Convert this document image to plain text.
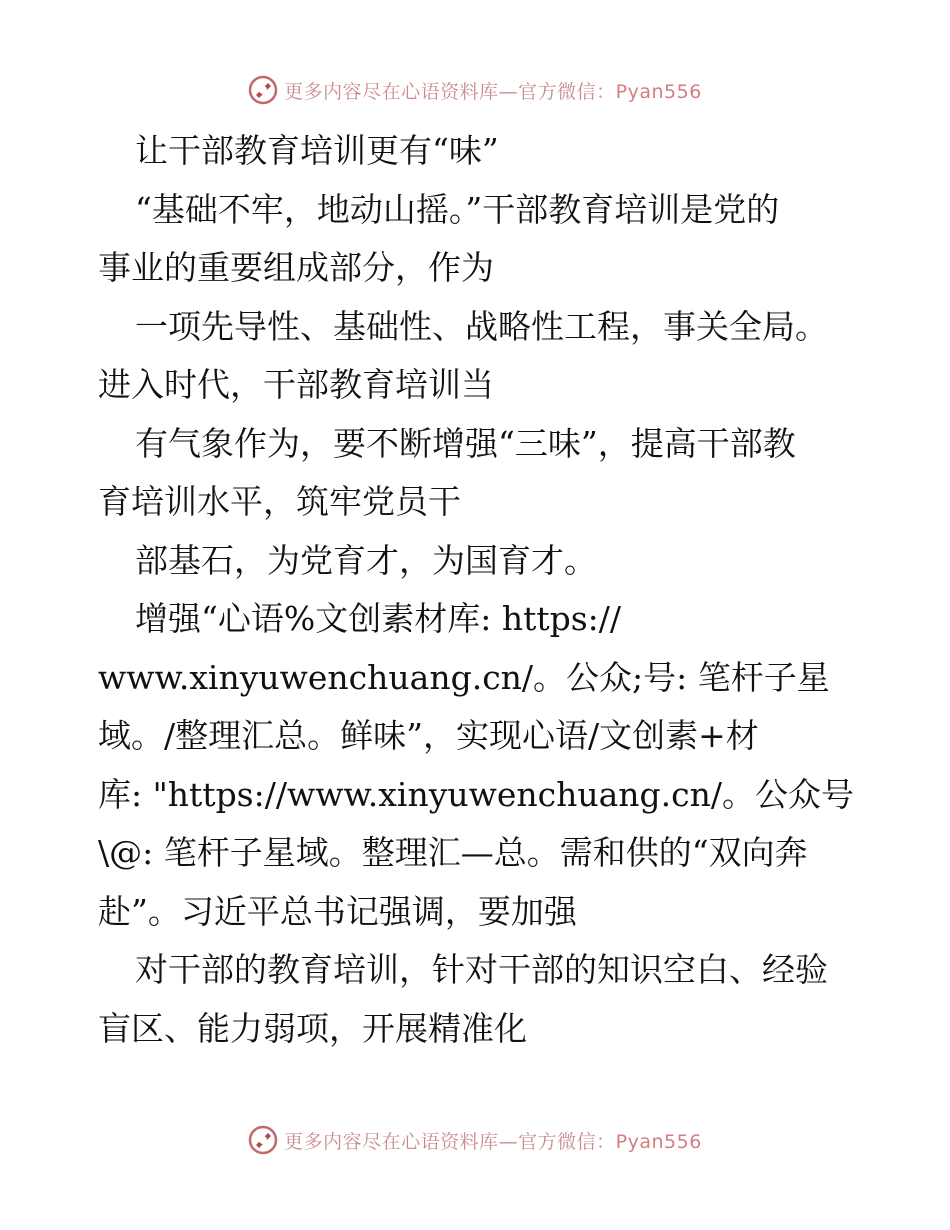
更多内容尽在心语资料库—官方微信：Pyan556
让干部教育培训更有“味”
“基础不牢，地动山摇。”干部教育培训是党的
事业的重要组成部分，作为
一项先导性、基础性、战略性工程，事关全局。
进入时代，干部教育培训当
有气象作为，要不断增强“三味”，提高干部教
育培训水平，筑牢党员干
部基石，为党育才，为国育才。
增强“心语%文创素材库: https://
www.xinyuwenchuang.cn/。公众;号: 笔杆子星
域。/整理汇总。鲜味”，实现心语/文创素+材
库: "https://www.xinyuwenchuang.cn/。公众号
\@: 笔杆子星域。整理汇—总。需和供的“双向奔
赴”。习近平总书记强调，要加强
对干部的教育培训，针对干部的知识空白、经验
盲区、能力弱项，开展精准化
更多内容尽在心语资料库—官方微信：Pyan556
